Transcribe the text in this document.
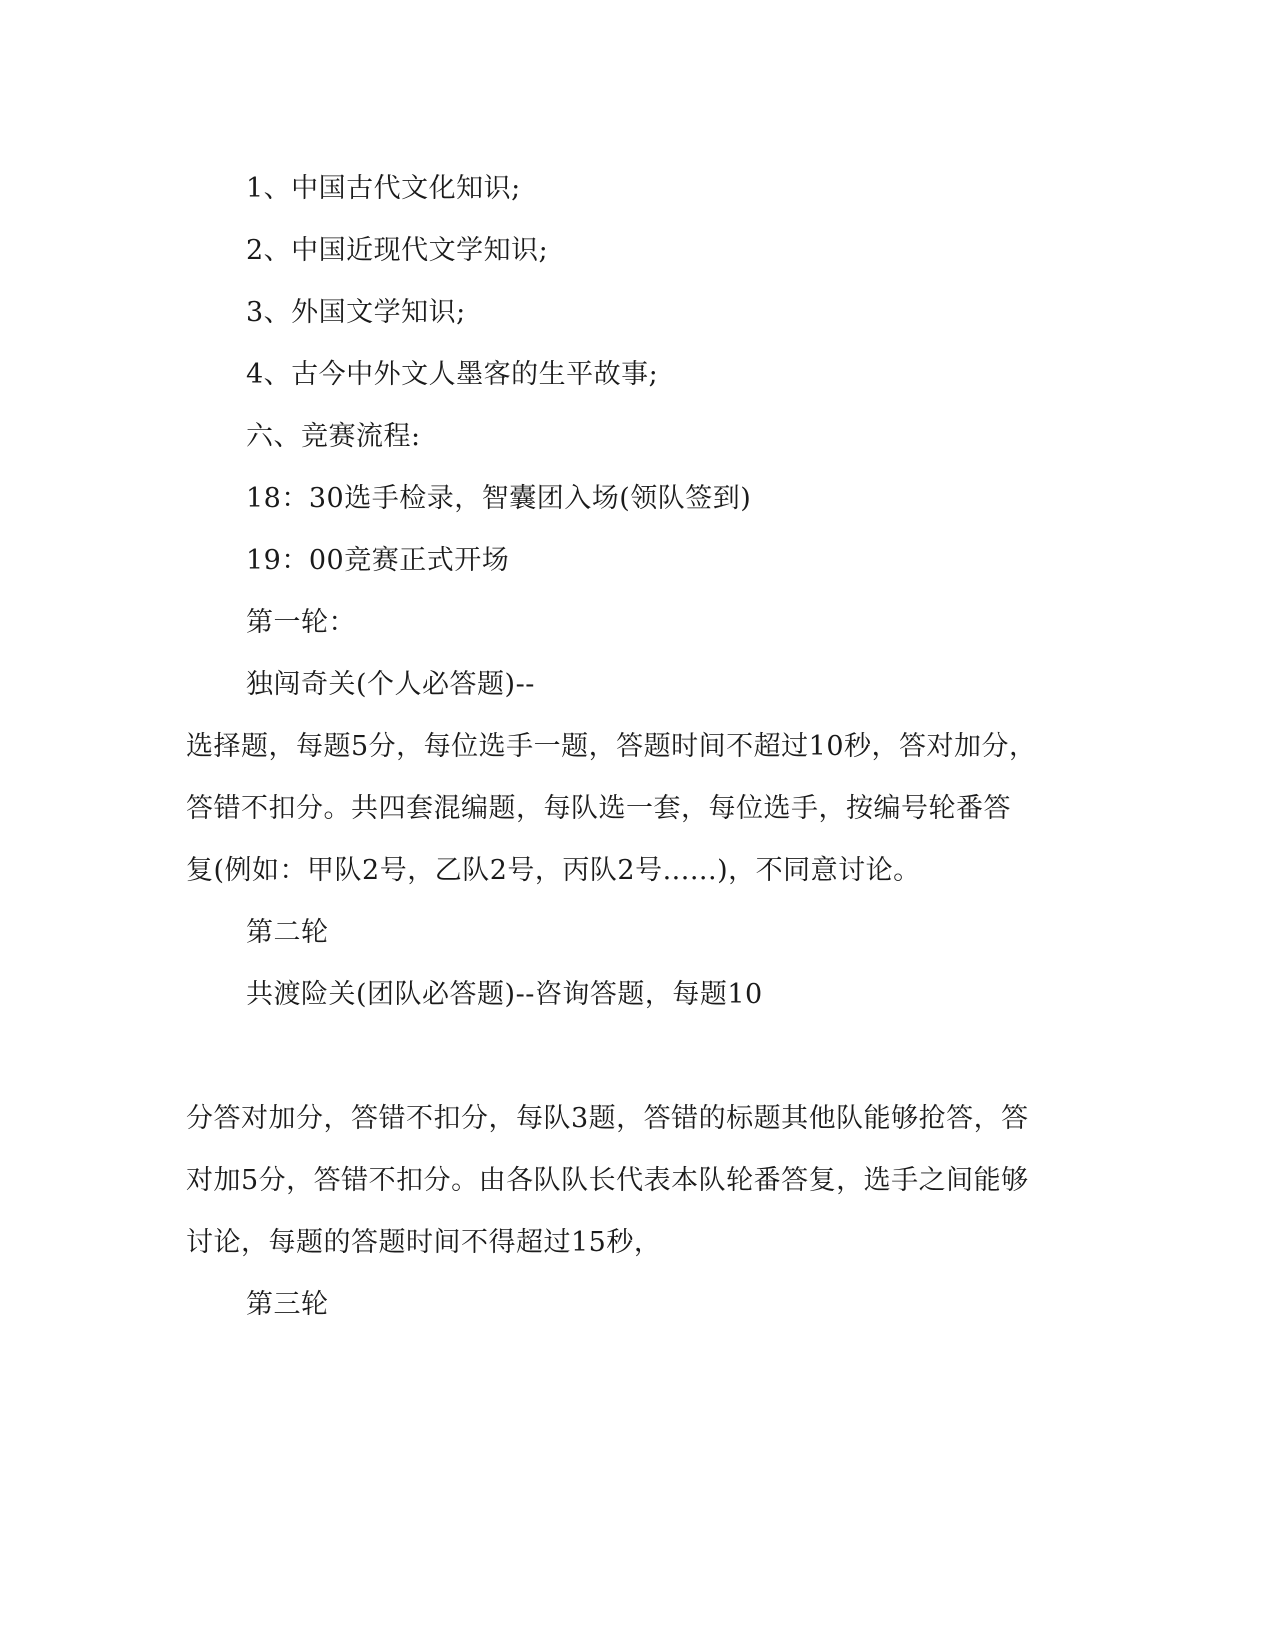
1、中国古代文化知识;
2、中国近现代文学知识;
3、外国文学知识;
4、古今中外文人墨客的生平故事;
六、竞赛流程:
18：30选手检录，智囊团入场(领队签到)
19：00竞赛正式开场
第一轮：
独闯奇关(个人必答题)--
选择题，每题5分，每位选手一题，答题时间不超过10秒，答对加分，
答错不扣分。共四套混编题，每队选一套，每位选手，按编号轮番答
复(例如：甲队2号，乙队2号，丙队2号......)，不同意讨论。
第二轮
共渡险关(团队必答题)--咨询答题，每题10
分答对加分，答错不扣分，每队3题，答错的标题其他队能够抢答，答
对加5分，答错不扣分。由各队队长代表本队轮番答复，选手之间能够
讨论，每题的答题时间不得超过15秒，
第三轮
